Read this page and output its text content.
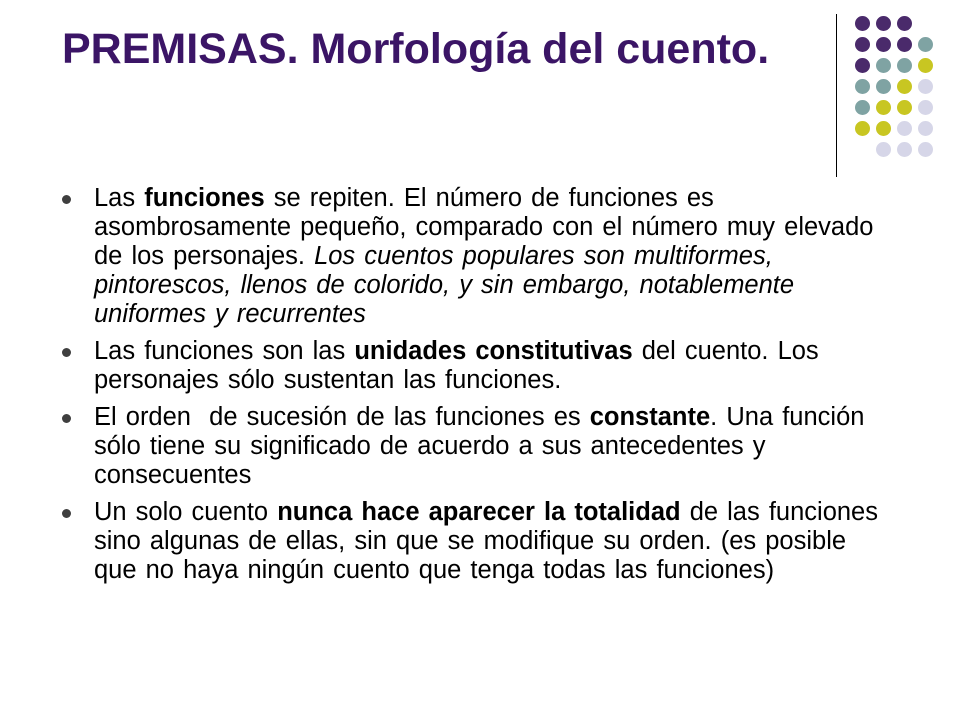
PREMISAS. Morfología del cuento.
Las funciones se repiten. El número de funciones es asombrosamente pequeño, comparado con el número muy elevado de los personajes. Los cuentos populares son multiformes, pintorescos, llenos de colorido, y sin embargo, notablemente uniformes y recurrentes
Las funciones son las unidades constitutivas del cuento. Los personajes sólo sustentan las funciones.
El orden  de sucesión de las funciones es constante. Una función sólo tiene su significado de acuerdo a sus antecedentes y consecuentes
Un solo cuento nunca hace aparecer la totalidad de las funciones sino algunas de ellas, sin que se modifique su orden. (es posible que no haya ningún cuento que tenga todas las funciones)
